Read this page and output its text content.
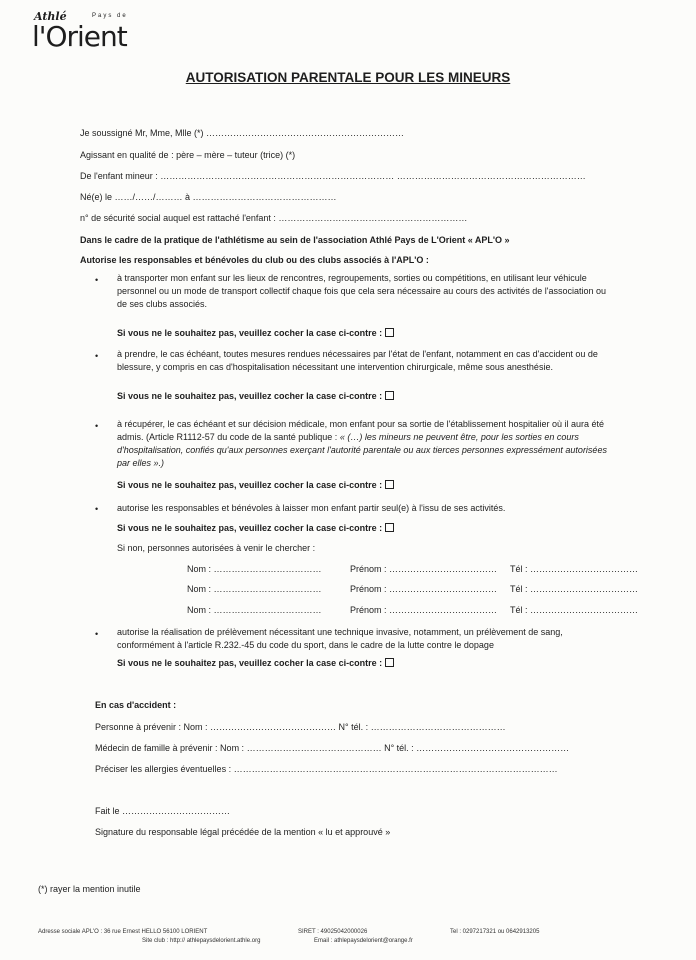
Athlé	Pays de
l'Orient
AUTORISATION PARENTALE POUR LES MINEURS
Je soussigné Mr, Mme, Mlle (*) …………………………………………………………
Agissant en qualité de : père – mère – tuteur (trice) (*)
De l'enfant mineur : …………………………………………………………………… ………………………………………………………
Né(e) le ……/……/……… à …………………………………………
n° de sécurité social auquel est rattaché l'enfant : ………………………………………………………
Dans le cadre de la pratique de l'athlétisme au sein de l'association Athlé Pays de L'Orient « APL'O »
Autorise les responsables et bénévoles du club ou des clubs associés à l'APL'O :
• à transporter mon enfant sur les lieux de rencontres, regroupements, sorties ou compétitions, en utilisant leur véhicule personnel ou un mode de transport collectif chaque fois que cela sera nécessaire au cours des activités de l'association ou de ses clubs associés.
Si vous ne le souhaitez pas, veuillez cocher la case ci-contre :
• à prendre, le cas échéant, toutes mesures rendues nécessaires par l'état de l'enfant, notamment en cas d'accident ou de blessure, y compris en cas d'hospitalisation nécessitant une intervention chirurgicale, même sous anesthésie.
Si vous ne le souhaitez pas, veuillez cocher la case ci-contre :
• à récupérer, le cas échéant et sur décision médicale, mon enfant pour sa sortie de l'établissement hospitalier où il aura été admis. (Article R1112-57 du code de la santé publique : « (…) les mineurs ne peuvent être, pour les sorties en cours d'hospitalisation, confiés qu'aux personnes exerçant l'autorité parentale ou aux tierces personnes expressément autorisées par elles ».)
Si vous ne le souhaitez pas, veuillez cocher la case ci-contre :
• autorise les responsables et bénévoles à laisser mon enfant partir seul(e) à l'issu de ses activités.
Si vous ne le souhaitez pas, veuillez cocher la case ci-contre :
Si non, personnes autorisées à venir le chercher :
Nom : ………………………………	Prénom : ……………………………… Tél : ………………………………
Nom : ………………………………	Prénom : ……………………………… Tél : ………………………………
Nom : ………………………………	Prénom : ……………………………… Tél : ………………………………
• autorise la réalisation de prélèvement nécessitant une technique invasive, notamment, un prélèvement de sang, conformément à l'article R.232.-45 du code du sport, dans le cadre de la lutte contre le dopage
Si vous ne le souhaitez pas, veuillez cocher la case ci-contre :
En cas d'accident :
Personne à prévenir : Nom : …………………………………… N° tél. : ………………………………………
Médecin de famille à prévenir : Nom : ……………………………………… N° tél. : ……………………………………………
Préciser les allergies éventuelles : ………………………………………………………………………………………………
Fait le ………………………………
Signature du responsable légal précédée de la mention « lu et approuvé »
(*) rayer la mention inutile
Adresse sociale APL'O : 36 rue Ernest HELLO 56100 LORIENT	SIRET : 49025042000026	Tel : 0297217321 ou 0642913205
Site club : http:// athlepaysdelorient.athle.org	Email : athlepaysdelorient@orange.fr
